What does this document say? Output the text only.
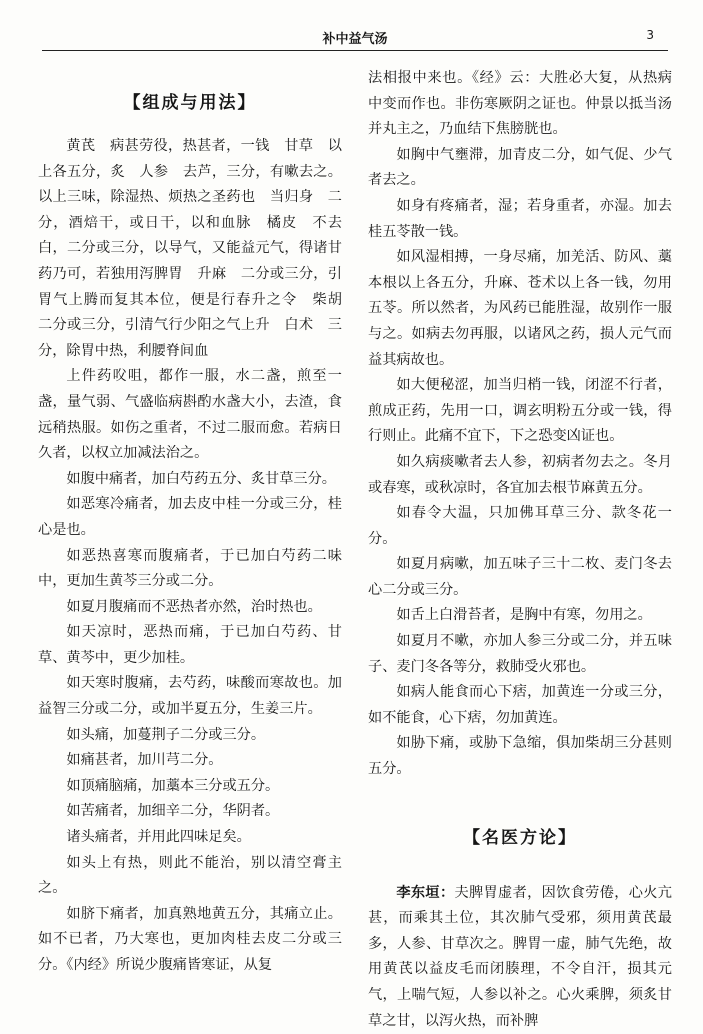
补中益气汤	3
【组成与用法】

黄芪　病甚劳役，热甚者，一钱　甘草　以上各五分，炙　人参　去芦，三分，有嗽去之。以上三味，除湿热、烦热之圣药也　当归身　二分，酒焙干，或日干，以和血脉　橘皮　不去白，二分或三分，以导气，又能益元气，得诸甘药乃可，若独用泻脾胃　升麻　二分或三分，引胃气上腾而复其本位，便是行春升之令　柴胡　二分或三分，引清气行少阳之气上升　白术　三分，除胃中热，利腰脊间血

上件药㕮咀，都作一服，水二盏，煎至一盏，量气弱、气盛临病斟酌水盏大小，去渣，食远稍热服。如伤之重者，不过二服而愈。若病日久者，以权立加减法治之。

如腹中痛者，加白芍药五分、炙甘草三分。

如恶寒冷痛者，加去皮中桂一分或三分，桂心是也。

如恶热喜寒而腹痛者，于已加白芍药二味中，更加生黄芩三分或二分。

如夏月腹痛而不恶热者亦然，治时热也。

如天凉时，恶热而痛，于已加白芍药、甘草、黄芩中，更少加桂。

如天寒时腹痛，去芍药，味酸而寒故也。加益智三分或二分，或加半夏五分，生姜三片。

如头痛，加蔓荆子二分或三分。

如痛甚者，加川芎二分。

如顶痛脑痛，加藁本三分或五分。

如苦痛者，加细辛二分，华阴者。

诸头痛者，并用此四味足矣。

如头上有热，则此不能治，别以清空膏主之。

如脐下痛者，加真熟地黄五分，其痛立止。如不已者，乃大寒也，更加肉桂去皮二分或三分。《内经》所说少腹痛皆寒证，从复

法相报中来也。《经》云：大胜必大复，从热病中变而作也。非伤寒厥阴之证也。仲景以抵当汤并丸主之，乃血结下焦膀胱也。

如胸中气壅滞，加青皮二分，如气促、少气者去之。

如身有疼痛者，湿；若身重者，亦湿。加去桂五苓散一钱。

如风湿相搏，一身尽痛，加羌活、防风、藁本根以上各五分，升麻、苍术以上各一钱，勿用五苓。所以然者，为风药已能胜湿，故别作一服与之。如病去勿再服，以诸风之药，损人元气而益其病故也。

如大便秘涩，加当归梢一钱，闭涩不行者，煎成正药，先用一口，调玄明粉五分或一钱，得行则止。此痛不宜下，下之恐变凶证也。

如久病痰嗽者去人参，初病者勿去之。冬月或春寒，或秋凉时，各宜加去根节麻黄五分。

如春令大温，只加佛耳草三分、款冬花一分。

如夏月病嗽，加五味子三十二枚、麦门冬去心二分或三分。

如舌上白滑苔者，是胸中有寒，勿用之。

如夏月不嗽，亦加人参三分或二分，并五味子、麦门冬各等分，救肺受火邪也。

如病人能食而心下痞，加黄连一分或三分，如不能食，心下痞，勿加黄连。

如胁下痛，或胁下急缩，俱加柴胡三分甚则五分。

【名医方论】

李东垣：夫脾胃虚者，因饮食劳倦，心火亢甚，而乘其土位，其次肺气受邪，须用黄芪最多，人参、甘草次之。脾胃一虚，肺气先绝，故用黄芪以益皮毛而闭腠理，不令自汗，损其元气，上喘气短，人参以补之。心火乘脾，须炙甘草之甘，以泻火热，而补脾
